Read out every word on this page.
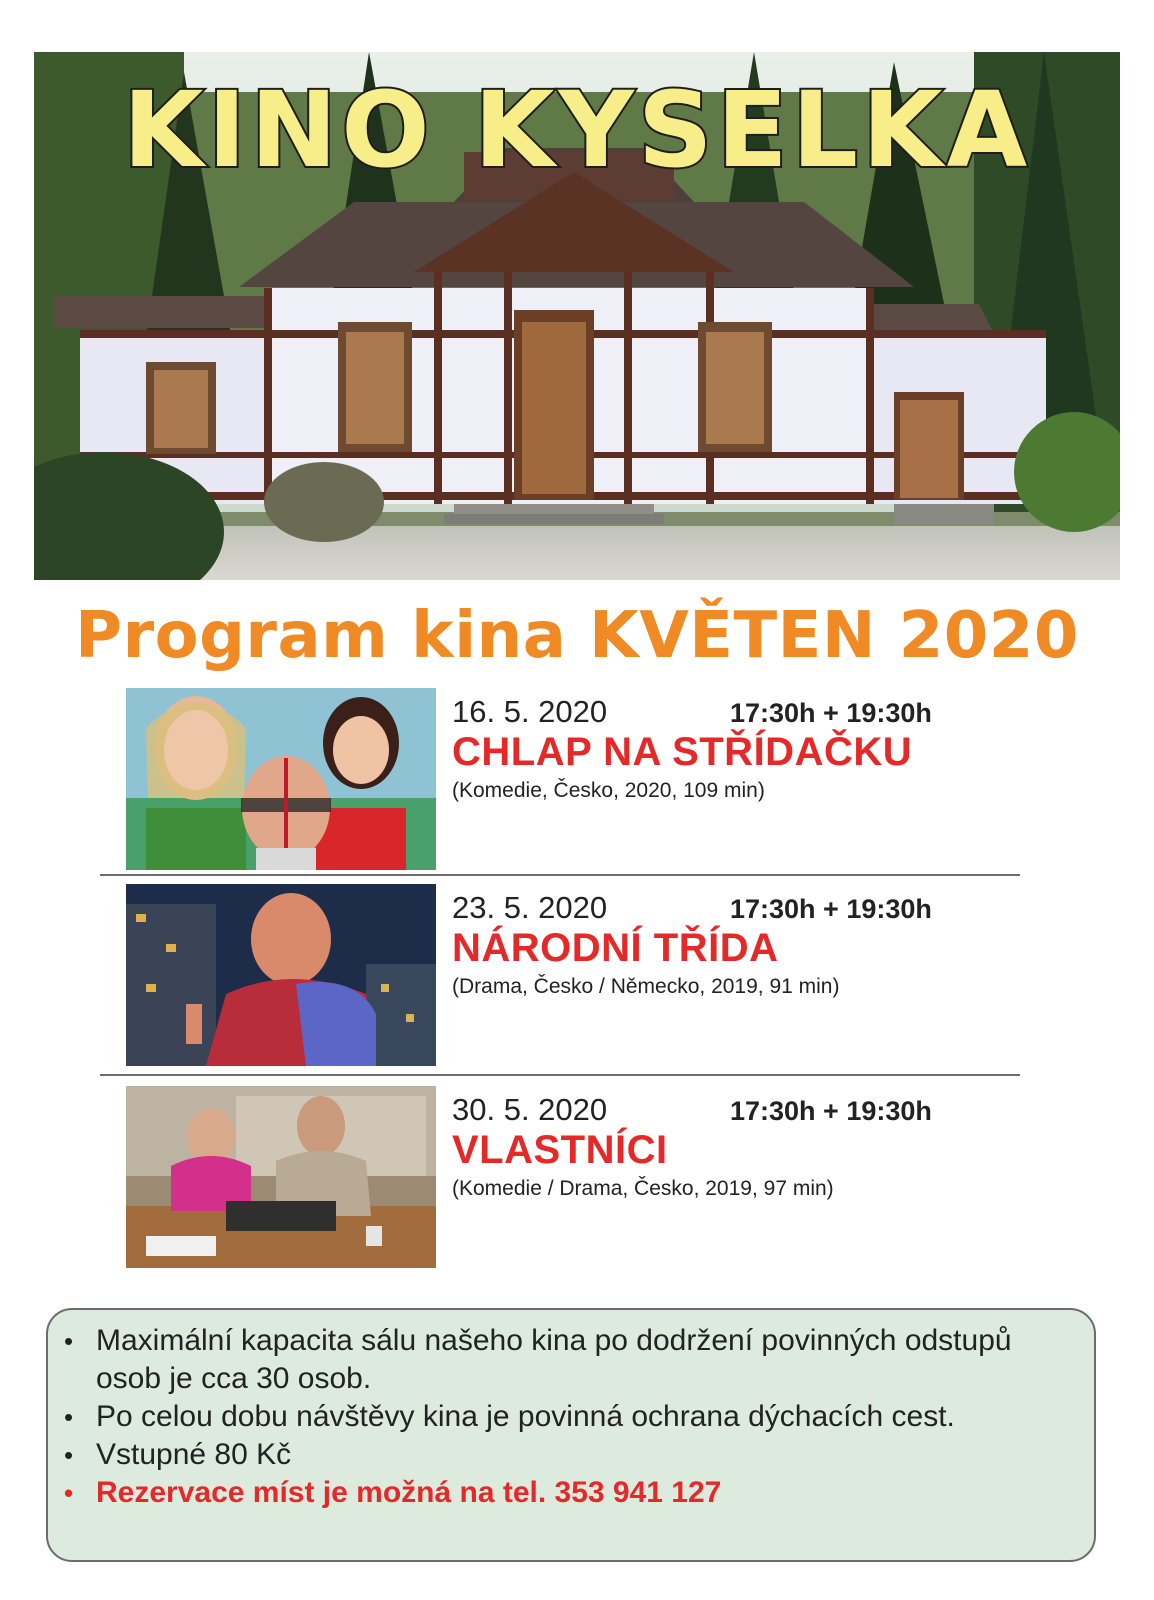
KINO KYSELKA
Program kina KVĚTEN 2020
16. 5. 2020	17:30h + 19:30h
CHLAP NA STŘÍDAČKU
(Komedie, Česko, 2020, 109 min)
23. 5. 2020	17:30h + 19:30h
NÁRODNÍ TŘÍDA
(Drama, Česko / Německo, 2019, 91 min)
30. 5. 2020	17:30h + 19:30h
VLASTNÍCI
(Komedie / Drama, Česko, 2019, 97 min)
• Maximální kapacita sálu našeho kina po dodržení povinných odstupů osob je cca 30 osob.
• Po celou dobu návštěvy kina je povinná ochrana dýchacích cest.
• Vstupné 80 Kč
• Rezervace míst je možná na tel. 353 941 127
